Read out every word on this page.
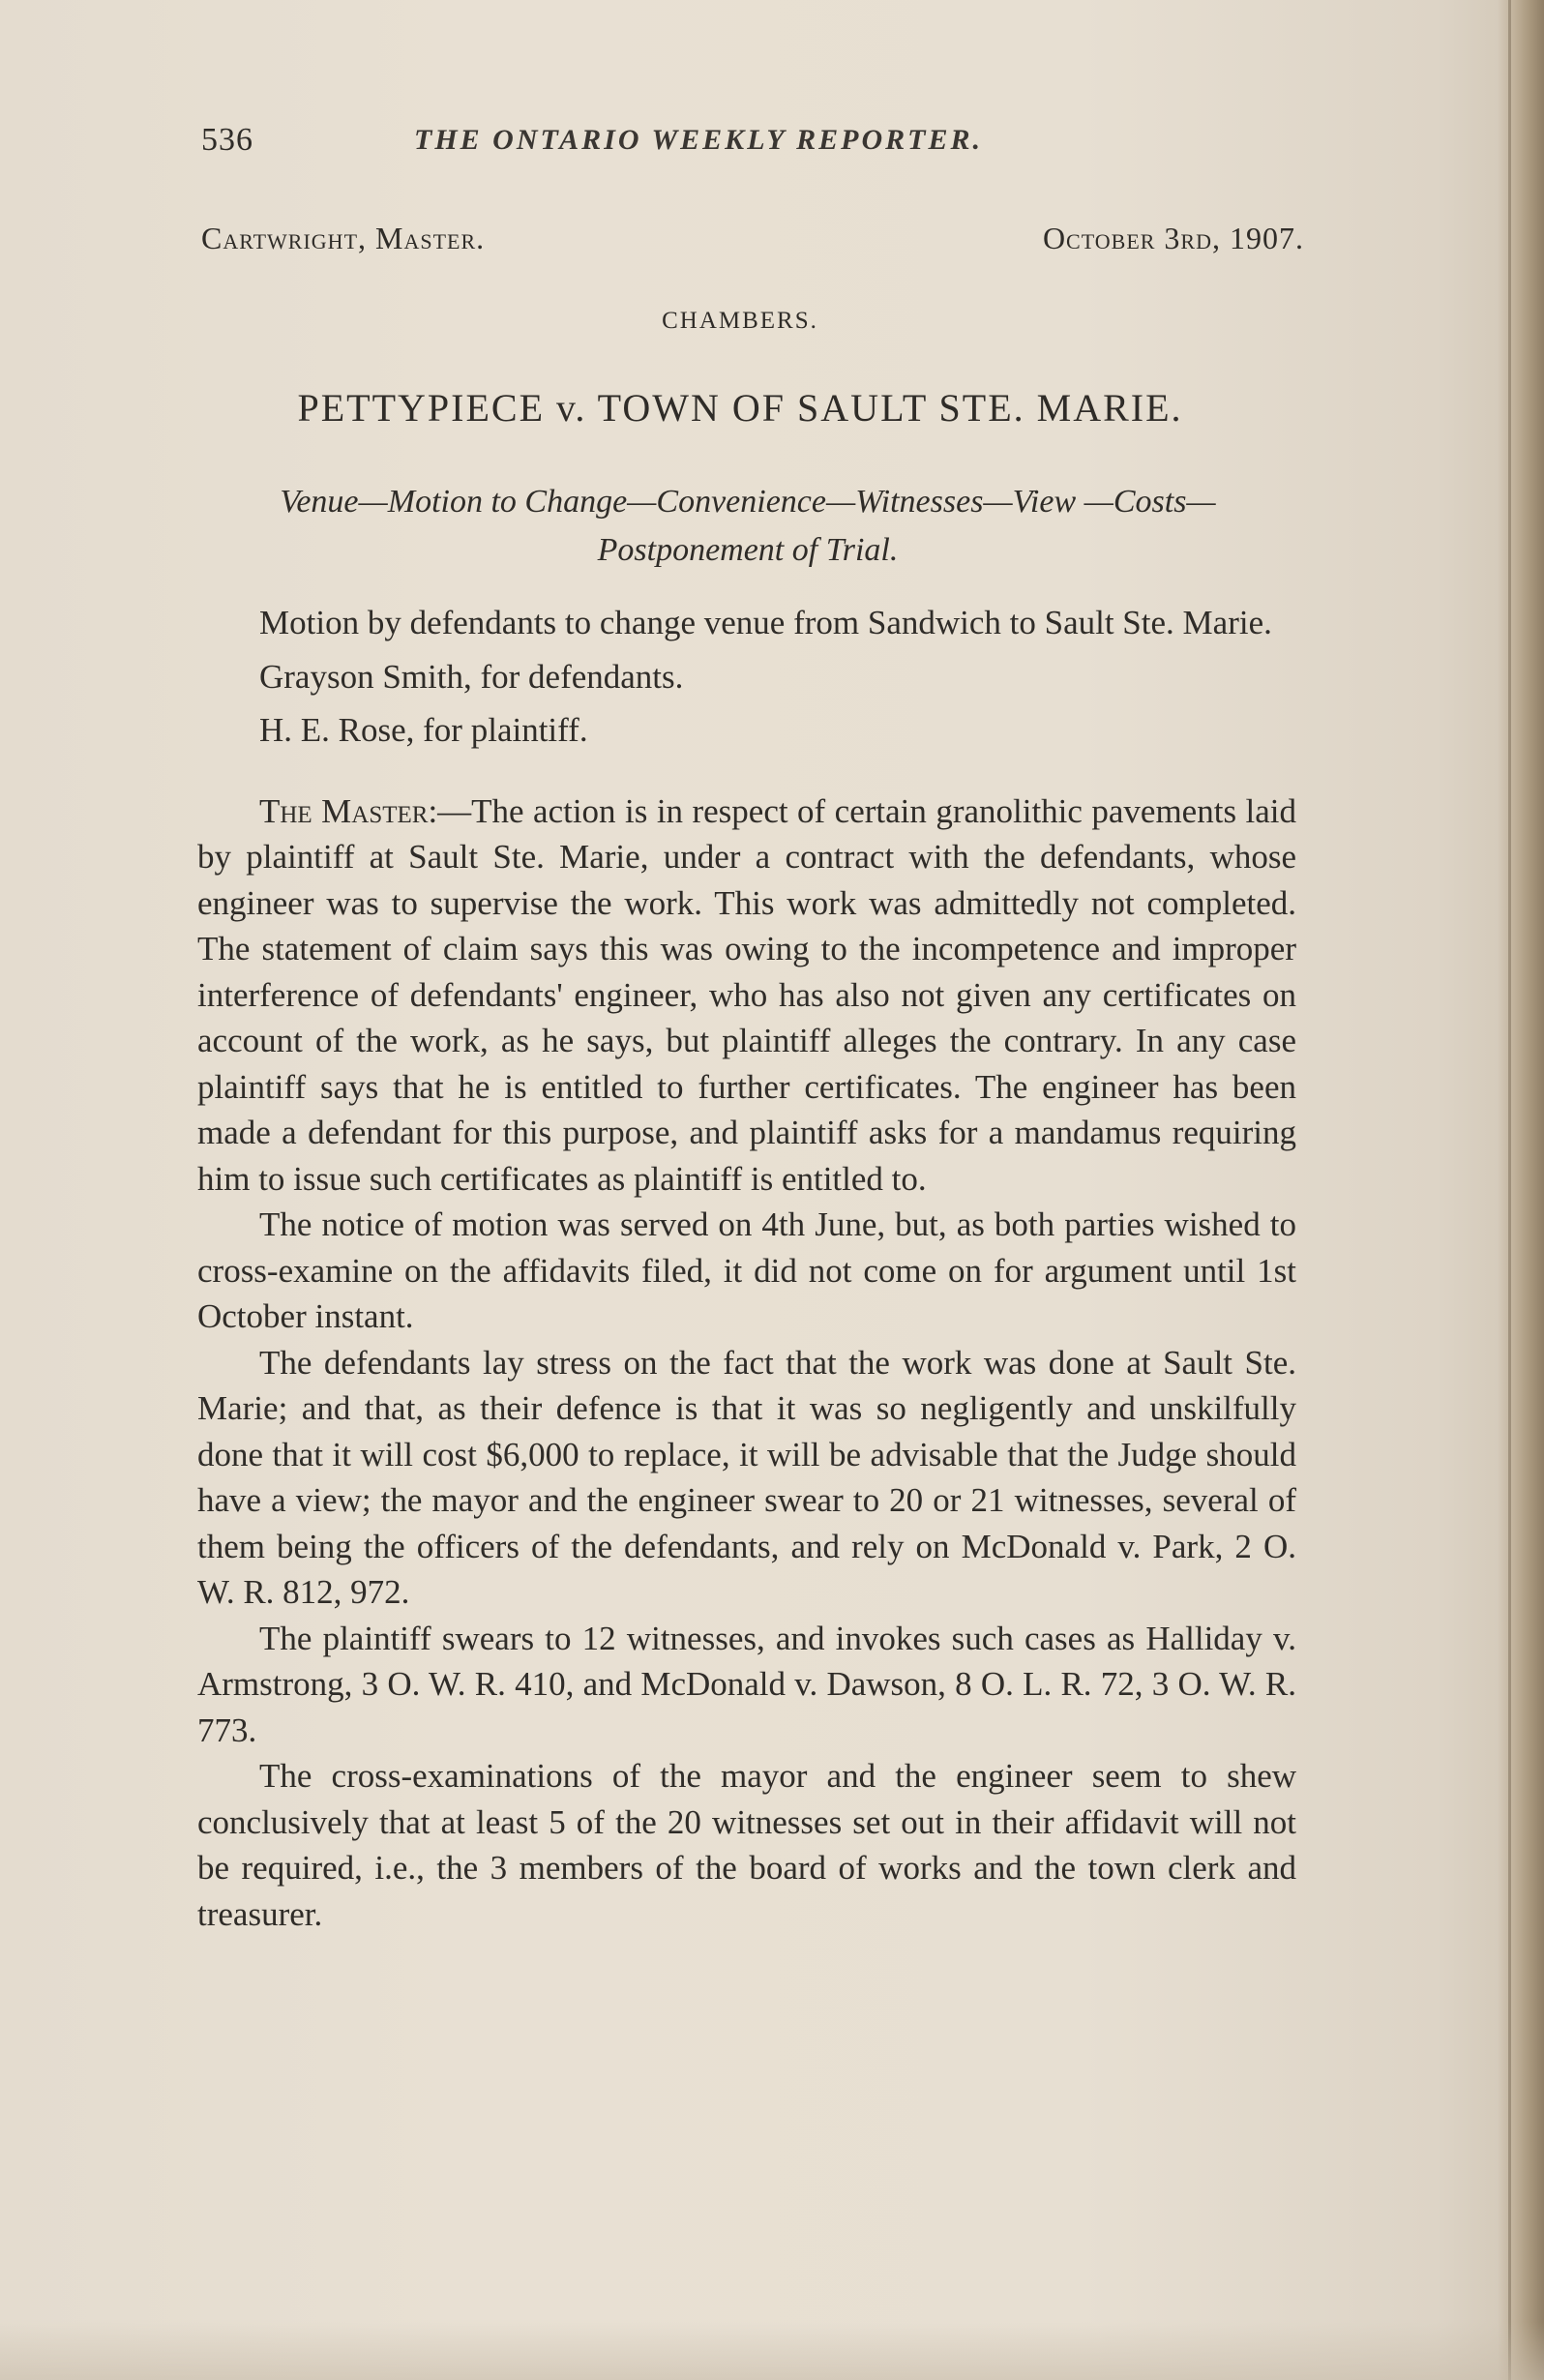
536	THE ONTARIO WEEKLY REPORTER.
Cartwright, Master.	October 3rd, 1907.
CHAMBERS.
PETTYPIECE v. TOWN OF SAULT STE. MARIE.
Venue—Motion to Change—Convenience—Witnesses—View —Costs—Postponement of Trial.

Motion by defendants to change venue from Sandwich to Sault Ste. Marie.

Grayson Smith, for defendants.

H. E. Rose, for plaintiff.

The Master:—The action is in respect of certain granolithic pavements laid by plaintiff at Sault Ste. Marie, under a contract with the defendants, whose engineer was to supervise the work. This work was admittedly not completed. The statement of claim says this was owing to the incompetence and improper interference of defendants' engineer, who has also not given any certificates on account of the work, as he says, but plaintiff alleges the contrary. In any case plaintiff says that he is entitled to further certificates. The engineer has been made a defendant for this purpose, and plaintiff asks for a mandamus requiring him to issue such certificates as plaintiff is entitled to.

The notice of motion was served on 4th June, but, as both parties wished to cross-examine on the affidavits filed, it did not come on for argument until 1st October instant.

The defendants lay stress on the fact that the work was done at Sault Ste. Marie; and that, as their defence is that it was so negligently and unskilfully done that it will cost $6,000 to replace, it will be advisable that the Judge should have a view; the mayor and the engineer swear to 20 or 21 witnesses, several of them being the officers of the defendants, and rely on McDonald v. Park, 2 O. W. R. 812, 972.

The plaintiff swears to 12 witnesses, and invokes such cases as Halliday v. Armstrong, 3 O. W. R. 410, and McDonald v. Dawson, 8 O. L. R. 72, 3 O. W. R. 773.

The cross-examinations of the mayor and the engineer seem to shew conclusively that at least 5 of the 20 witnesses set out in their affidavit will not be required, i.e., the 3 members of the board of works and the town clerk and treasurer.
